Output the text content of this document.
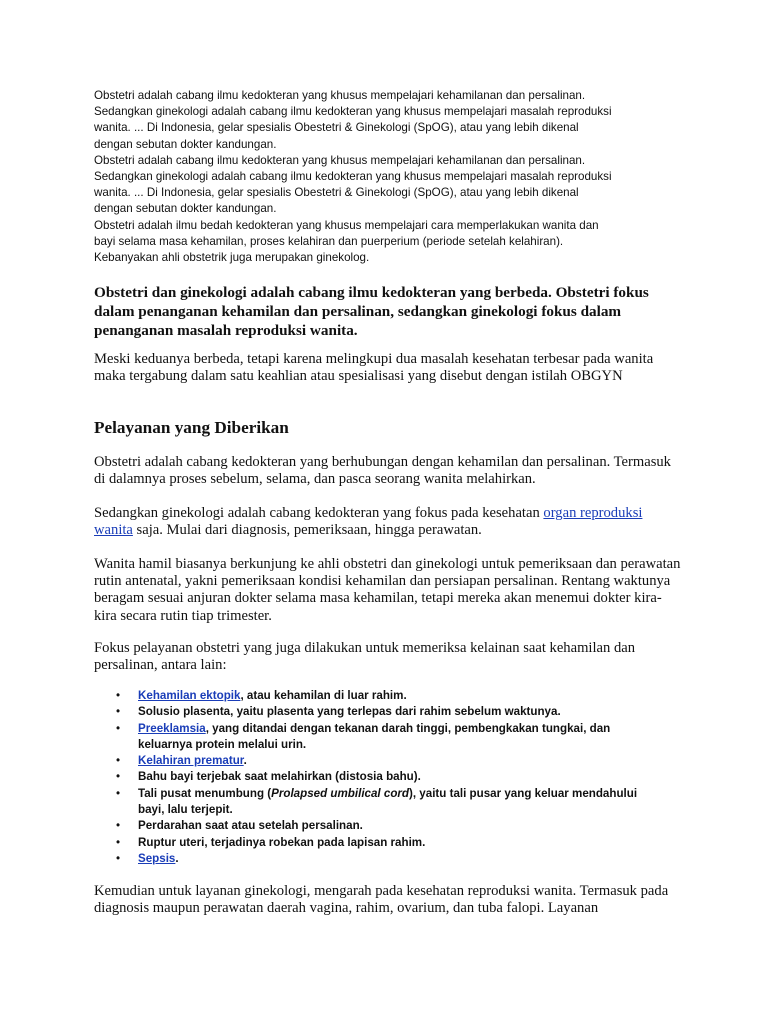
Obstetri adalah cabang ilmu kedokteran yang khusus mempelajari kehamilanan dan persalinan.

Sedangkan ginekologi adalah cabang ilmu kedokteran yang khusus mempelajari masalah reproduksi

wanita. ... Di Indonesia, gelar spesialis Obestetri & Ginekologi (SpOG), atau yang lebih dikenal

dengan sebutan dokter kandungan.

Obstetri adalah cabang ilmu kedokteran yang khusus mempelajari kehamilanan dan persalinan.

Sedangkan ginekologi adalah cabang ilmu kedokteran yang khusus mempelajari masalah reproduksi

wanita. ... Di Indonesia, gelar spesialis Obestetri & Ginekologi (SpOG), atau yang lebih dikenal

dengan sebutan dokter kandungan.

Obstetri adalah ilmu bedah kedokteran yang khusus mempelajari cara memperlakukan wanita dan

bayi selama masa kehamilan, proses kelahiran dan puerperium (periode setelah kelahiran).

Kebanyakan ahli obstetrik juga merupakan ginekolog.

Obstetri dan ginekologi adalah cabang ilmu kedokteran yang berbeda. Obstetri fokus dalam penanganan kehamilan dan persalinan, sedangkan ginekologi fokus dalam penanganan masalah reproduksi wanita.

Meski keduanya berbeda, tetapi karena melingkupi dua masalah kesehatan terbesar pada wanita maka tergabung dalam satu keahlian atau spesialisasi yang disebut dengan istilah OBGYN

Pelayanan yang Diberikan

Obstetri adalah cabang kedokteran yang berhubungan dengan kehamilan dan persalinan. Termasuk di dalamnya proses sebelum, selama, dan pasca seorang wanita melahirkan.

Sedangkan ginekologi adalah cabang kedokteran yang fokus pada kesehatan organ reproduksi wanita saja. Mulai dari diagnosis, pemeriksaan, hingga perawatan.

Wanita hamil biasanya berkunjung ke ahli obstetri dan ginekologi untuk pemeriksaan dan perawatan rutin antenatal, yakni pemeriksaan kondisi kehamilan dan persiapan persalinan. Rentang waktunya beragam sesuai anjuran dokter selama masa kehamilan, tetapi mereka akan menemui dokter kira-kira secara rutin tiap trimester.

Fokus pelayanan obstetri yang juga dilakukan untuk memeriksa kelainan saat kehamilan dan persalinan, antara lain:

• Kehamilan ektopik, atau kehamilan di luar rahim.
• Solusio plasenta, yaitu plasenta yang terlepas dari rahim sebelum waktunya.
• Preeklamsia, yang ditandai dengan tekanan darah tinggi, pembengkakan tungkai, dan keluarnya protein melalui urin.
• Kelahiran prematur.
• Bahu bayi terjebak saat melahirkan (distosia bahu).
• Tali pusat menumbung (Prolapsed umbilical cord), yaitu tali pusar yang keluar mendahului bayi, lalu terjepit.
• Perdarahan saat atau setelah persalinan.
• Ruptur uteri, terjadinya robekan pada lapisan rahim.
• Sepsis.

Kemudian untuk layanan ginekologi, mengarah pada kesehatan reproduksi wanita. Termasuk pada diagnosis maupun perawatan daerah vagina, rahim, ovarium, dan tuba falopi. Layanan
